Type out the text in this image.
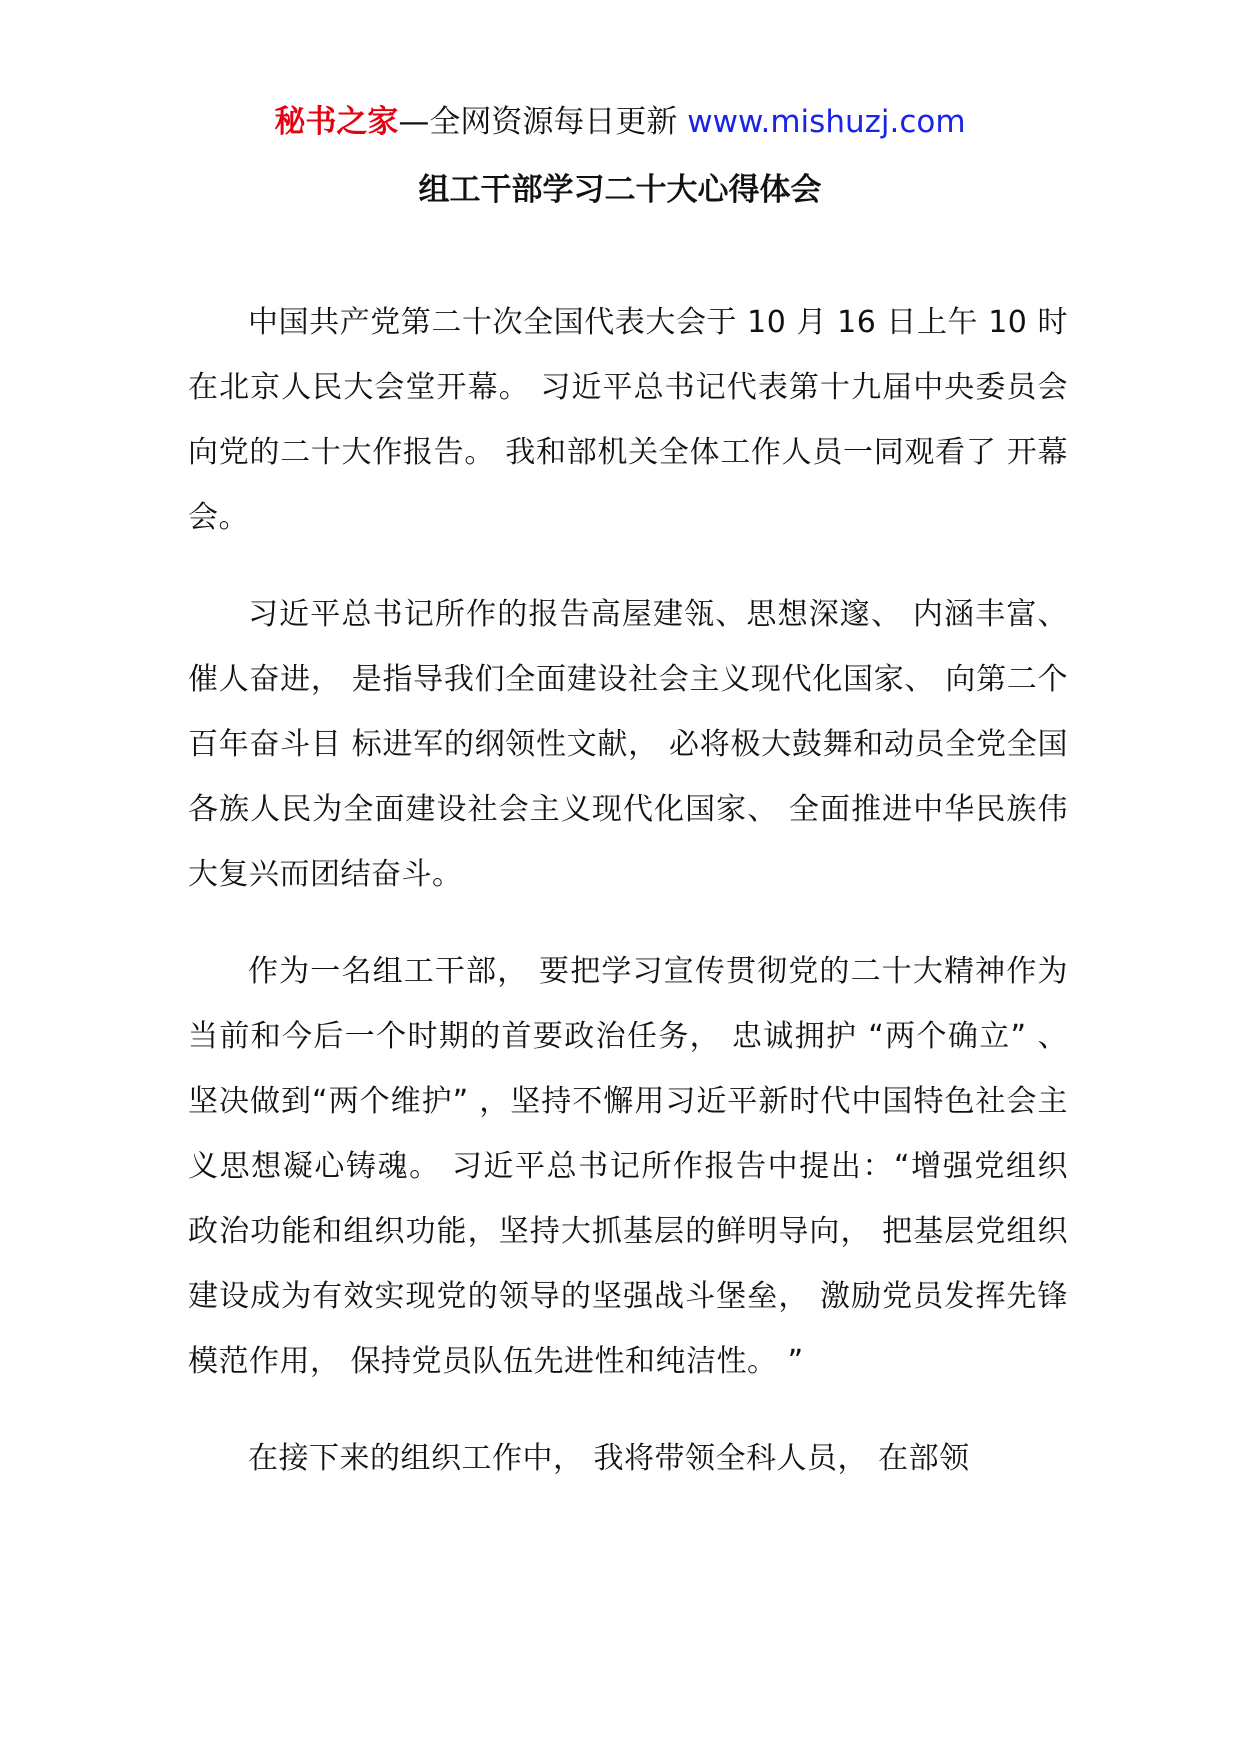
秘书之家—全网资源每日更新 www.mishuzj.com
组工干部学习二十大心得体会

中国共产党第二十次全国代表大会于 10 月 16 日上午 10 时在北京人民大会堂开幕。 习近平总书记代表第十九届中央委员会向党的二十大作报告。 我和部机关全体工作人员一同观看了 开幕会。

习近平总书记所作的报告高屋建瓴、思想深邃、 内涵丰富、催人奋进， 是指导我们全面建设社会主义现代化国家、 向第二个百年奋斗目 标进军的纲领性文献， 必将极大鼓舞和动员全党全国各族人民为全面建设社会主义现代化国家、 全面推进中华民族伟大复兴而团结奋斗。

作为一名组工干部， 要把学习宣传贯彻党的二十大精神作为当前和今后一个时期的首要政治任务， 忠诚拥护 “两个确立” 、 坚决做到“两个维护” ，坚持不懈用习近平新时代中国特色社会主义思想凝心铸魂。 习近平总书记所作报告中提出：“增强党组织政治功能和组织功能，坚持大抓基层的鲜明导向， 把基层党组织建设成为有效实现党的领导的坚强战斗堡垒， 激励党员发挥先锋模范作用， 保持党员队伍先进性和纯洁性。 ”

在接下来的组织工作中， 我将带领全科人员， 在部领
